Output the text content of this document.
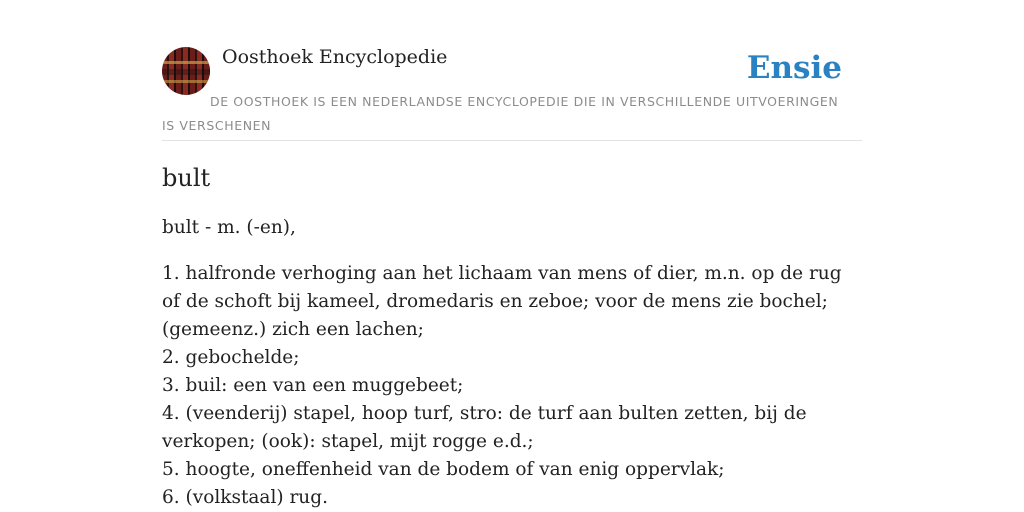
Oosthoek Encyclopedie	Ensie
DE OOSTHOEK IS EEN NEDERLANDSE ENCYCLOPEDIE DIE IN VERSCHILLENDE UITVOERINGEN IS VERSCHENEN
bult

bult - m. (-en),

1. halfronde verhoging aan het lichaam van mens of dier, m.n. op de rug of de schoft bij kameel, dromedaris en zeboe; voor de mens zie bochel; (gemeenz.) zich een lachen;
2. gebochelde;
3. buil: een van een muggebeet;
4. (veenderij) stapel, hoop turf, stro: de turf aan bulten zetten, bij de verkopen; (ook): stapel, mijt rogge e.d.;
5. hoogte, oneffenheid van de bodem of van enig oppervlak;
6. (volkstaal) rug.
